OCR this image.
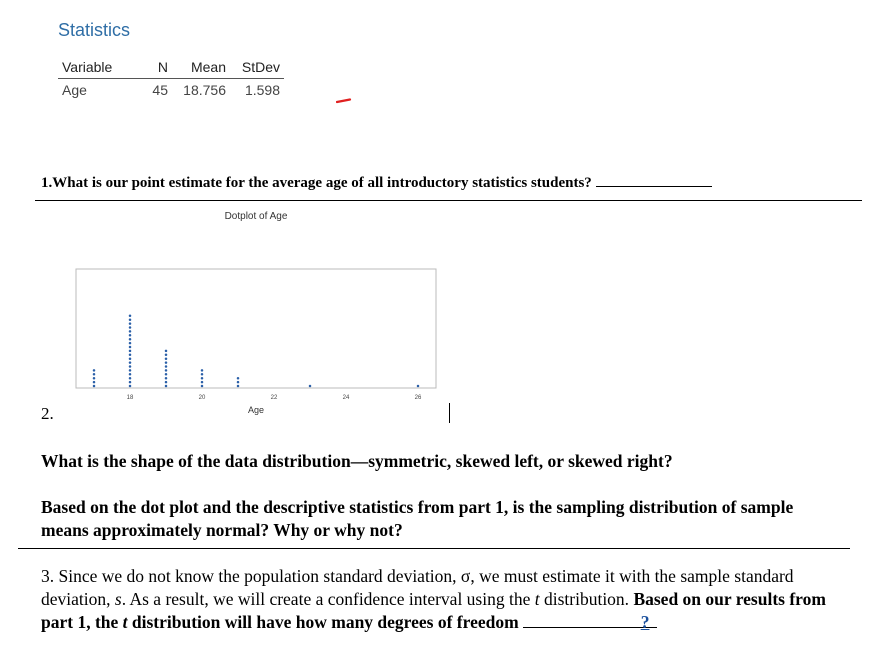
Statistics
Variable	N	Mean	StDev
Age	45	18.756	1.598
1.What is our point estimate for the average age of all introductory statistics students?
Dotplot of Age
18	20	22	24	26
Age
2.
What is the shape of the data distribution—symmetric, skewed left, or skewed right?
Based on the dot plot and the descriptive statistics from part 1, is the sampling distribution of sample means approximately normal? Why or why not?
3. Since we do not know the population standard deviation, σ, we must estimate it with the sample standard deviation, s. As a result, we will create a confidence interval using the t distribution. Based on our results from part 1, the t distribution will have how many degrees of freedom	?
